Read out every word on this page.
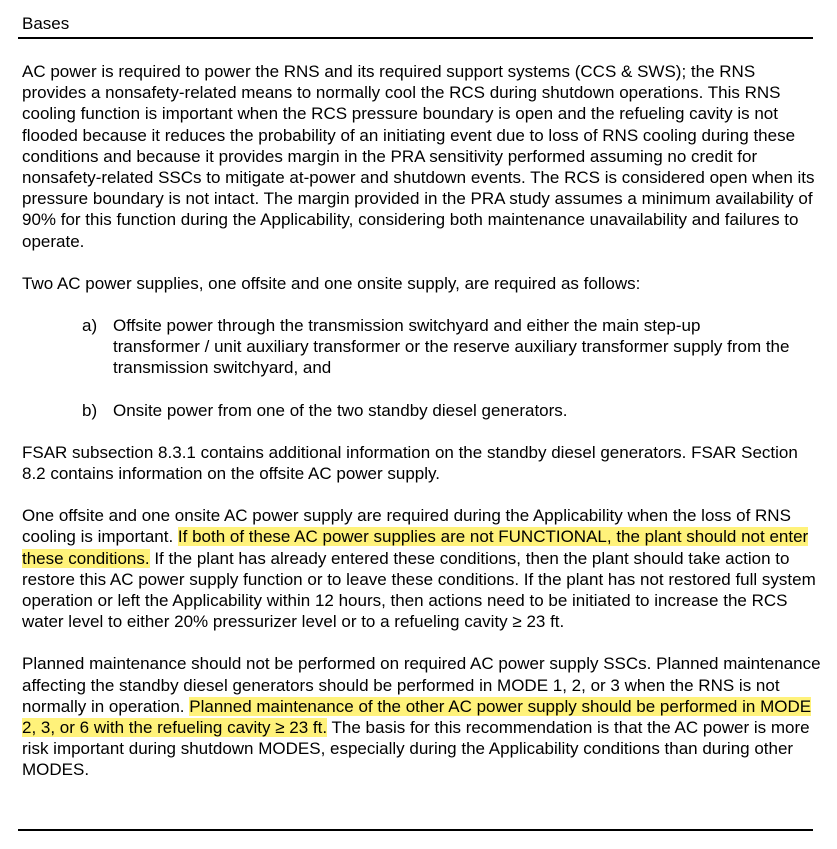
Bases

AC power is required to power the RNS and its required support systems (CCS & SWS); the RNS provides a nonsafety-related means to normally cool the RCS during shutdown operations. This RNS cooling function is important when the RCS pressure boundary is open and the refueling cavity is not flooded because it reduces the probability of an initiating event due to loss of RNS cooling during these conditions and because it provides margin in the PRA sensitivity performed assuming no credit for nonsafety-related SSCs to mitigate at-power and shutdown events. The RCS is considered open when its pressure boundary is not intact. The margin provided in the PRA study assumes a minimum availability of 90% for this function during the Applicability, considering both maintenance unavailability and failures to operate.

Two AC power supplies, one offsite and one onsite supply, are required as follows:

a) Offsite power through the transmission switchyard and either the main step-up transformer / unit auxiliary transformer or the reserve auxiliary transformer supply from the transmission switchyard, and
b) Onsite power from one of the two standby diesel generators.

FSAR subsection 8.3.1 contains additional information on the standby diesel generators. FSAR Section 8.2 contains information on the offsite AC power supply.

One offsite and one onsite AC power supply are required during the Applicability when the loss of RNS cooling is important. If both of these AC power supplies are not FUNCTIONAL, the plant should not enter these conditions. If the plant has already entered these conditions, then the plant should take action to restore this AC power supply function or to leave these conditions. If the plant has not restored full system operation or left the Applicability within 12 hours, then actions need to be initiated to increase the RCS water level to either 20% pressurizer level or to a refueling cavity ≥ 23 ft.

Planned maintenance should not be performed on required AC power supply SSCs. Planned maintenance affecting the standby diesel generators should be performed in MODE 1, 2, or 3 when the RNS is not normally in operation. Planned maintenance of the other AC power supply should be performed in MODE 2, 3, or 6 with the refueling cavity ≥ 23 ft. The basis for this recommendation is that the AC power is more risk important during shutdown MODES, especially during the Applicability conditions than during other MODES.
